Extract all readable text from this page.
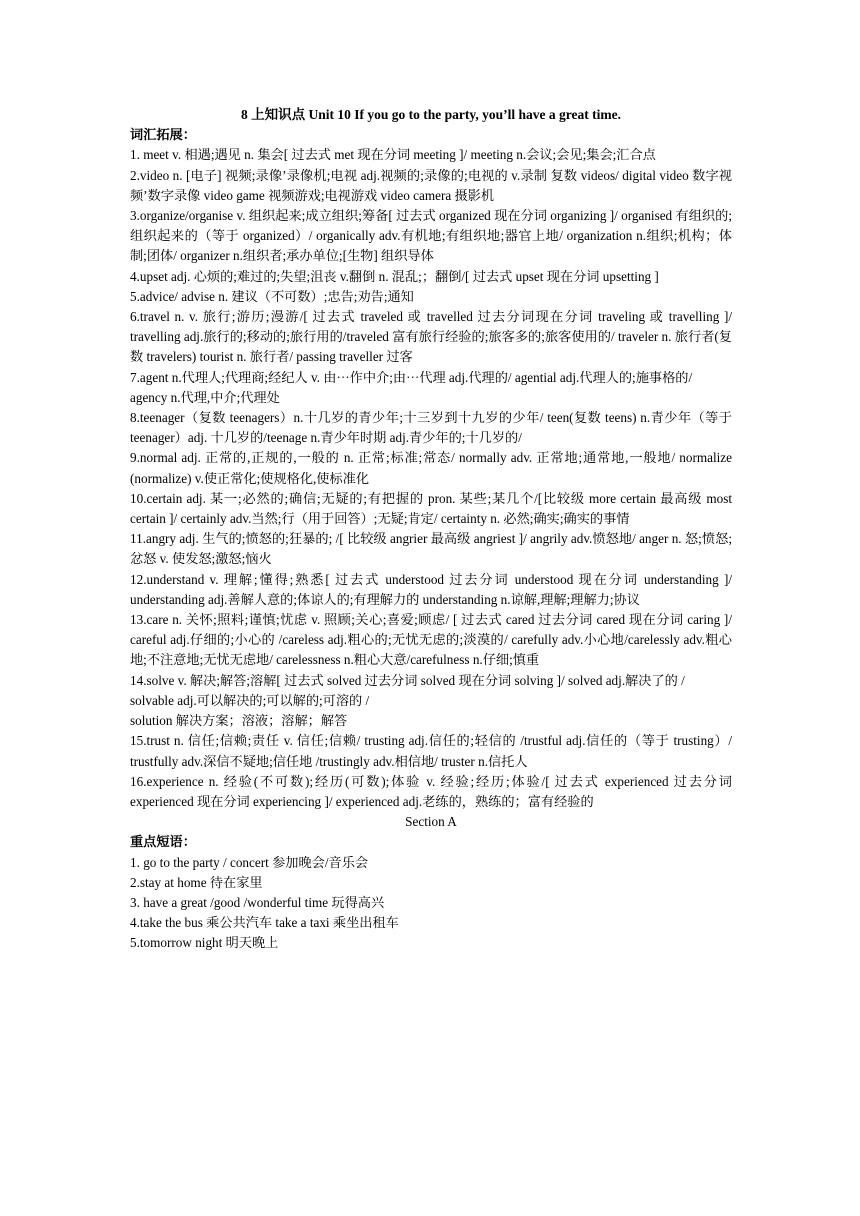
8 上知识点 Unit 10 If you go to the party, you’ll have a great time.

词汇拓展：

1. meet v. 相遇;遇见 n. 集会[ 过去式 met 现在分词 meeting ]/ meeting n.会议;会见;集会;汇合点

2.video n. [电子] 视频;录像’录像机;电视 adj.视频的;录像的;电视的 v.录制 复数 videos/ digital video 数字视频’数字录像 video game 视频游戏;电视游戏 video camera 摄影机

3.organize/organise v. 组织起来;成立组织;筹备[ 过去式 organized 现在分词 organizing ]/ organised 有组织的;组织起来的（等于 organized）/ organically adv.有机地;有组织地;器官上地/ organization n.组织;机构；体制;团体/ organizer n.组织者;承办单位;[生物] 组织导体

4.upset adj. 心烦的;难过的;失望;沮丧 v.翻倒 n. 混乱;；翻倒/[ 过去式 upset 现在分词 upsetting ]

5.advice/ advise n. 建议（不可数）;忠告;劝告;通知

6.travel n. v. 旅行;游历;漫游/[ 过去式 traveled 或 travelled 过去分词现在分词 traveling 或 travelling ]/ travelling adj.旅行的;移动的;旅行用的/traveled 富有旅行经验的;旅客多的;旅客使用的/ traveler n. 旅行者(复数 travelers) tourist n. 旅行者/ passing traveller 过客

7.agent n.代理人;代理商;经纪人 v. 由⋯作中介;由⋯代理 adj.代理的/ agential adj.代理人的;施事格的/

agency n.代理,中介;代理处

8.teenager（复数 teenagers）n.十几岁的青少年;十三岁到十九岁的少年/ teen(复数 teens) n.青少年（等于 teenager）adj. 十几岁的/teenage n.青少年时期 adj.青少年的;十几岁的/

9.normal adj. 正常的,正规的,一般的 n. 正常;标准;常态/ normally adv. 正常地;通常地,一般地/ normalize (normalize) v.使正常化;使规格化,使标准化

10.certain adj. 某一;必然的;确信;无疑的;有把握的 pron. 某些;某几个/[比较级 more certain 最高级 most certain ]/ certainly adv.当然;行（用于回答）;无疑;肯定/ certainty n. 必然;确实;确实的事情

11.angry adj. 生气的;愤怒的;狂暴的; /[ 比较级 angrier 最高级 angriest ]/ angrily adv.愤怒地/ anger n. 怒;愤怒;忿怒 v. 使发怒;激怒;恼火

12.understand v. 理解;懂得;熟悉[ 过去式 understood 过去分词 understood 现在分词 understanding ]/ understanding adj.善解人意的;体谅人的;有理解力的 understanding n.谅解,理解;理解力;协议

13.care n. 关怀;照料;谨慎;忧虑 v. 照顾;关心;喜爱;顾虑/ [ 过去式 cared 过去分词 cared 现在分词 caring ]/ careful adj.仔细的;小心的 /careless adj.粗心的;无忧无虑的;淡漠的/ carefully adv.小心地/carelessly adv.粗心地;不注意地;无忧无虑地/ carelessness n.粗心大意/carefulness n.仔细;慎重

14.solve v. 解决;解答;溶解[ 过去式 solved 过去分词 solved 现在分词 solving ]/ solved adj.解决了的 /

solvable adj.可以解决的;可以解的;可溶的 /

solution 解决方案；溶液；溶解；解答

15.trust n. 信任;信赖;责任 v. 信任;信赖/ trusting adj.信任的;轻信的 /trustful adj.信任的（等于 trusting）/ trustfully adv.深信不疑地;信任地 /trustingly adv.相信地/ truster n.信托人

16.experience n. 经验(不可数);经历(可数);体验 v. 经验;经历;体验/[ 过去式 experienced 过去分词 experienced 现在分词 experiencing ]/ experienced adj.老练的，熟练的；富有经验的

Section A

重点短语：

1. go to the party / concert 参加晚会/音乐会

2.stay at home 待在家里

3. have a great /good /wonderful time 玩得高兴

4.take the bus 乘公共汽车 take a taxi 乘坐出租车

5.tomorrow night 明天晚上
